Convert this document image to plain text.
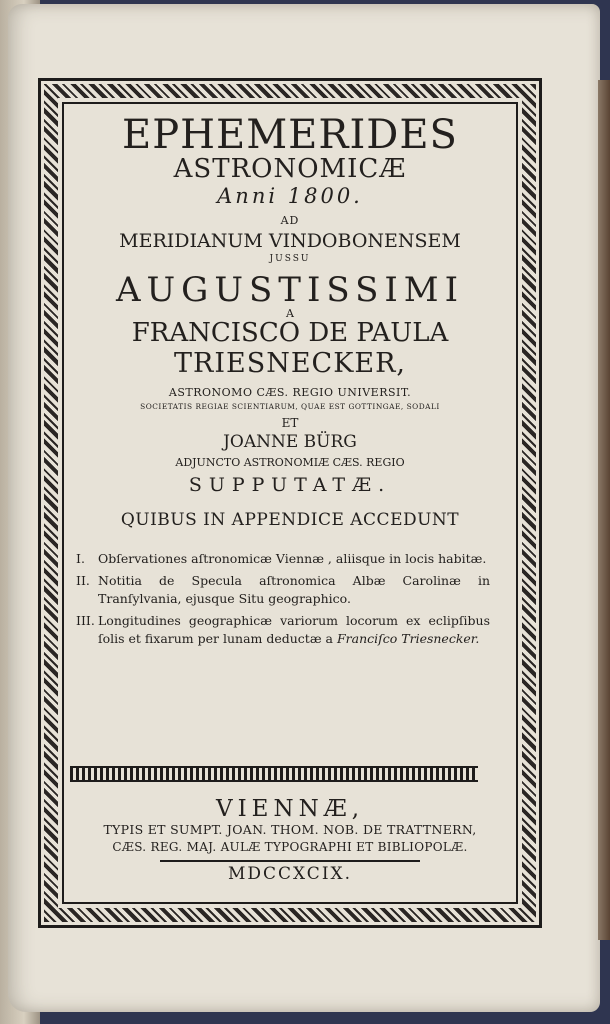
EPHEMERIDES
ASTRONOMICÆ
Anni 1800.
AD
MERIDIANUM VINDOBONENSEM
JUSSU
AUGUSTISSIMI
A
FRANCISCO DE PAULA
TRIESNECKER,
ASTRONOMO CÆS. REGIO UNIVERSIT.
SOCIETATIS REGIAE SCIENTIARUM, QUAE EST GOTTINGAE, SODALI
ET
JOANNE BÜRG
ADJUNCTO ASTRONOMIÆ CÆS. REGIO
SUPPUTATÆ.
QUIBUS IN APPENDICE ACCEDUNT
I.	Obſervationes aſtronomicæ Viennæ , aliisque in locis habitæ.
II. Notitia de Specula aſtronomica Albæ Carolinæ in Tranſylvania, ejusque Situ geographico.
III. Longitudines geographicæ variorum locorum ex eclipſibus ſolis et fixarum per lunam deductæ a Franciſco Triesnecker.
VIENNÆ,
TYPIS ET SUMPT. JOAN. THOM. NOB. DE TRATTNERN,
CÆS. REG. MAJ. AULÆ TYPOGRAPHI ET BIBLIOPOLÆ.
MDCCXCIX.
